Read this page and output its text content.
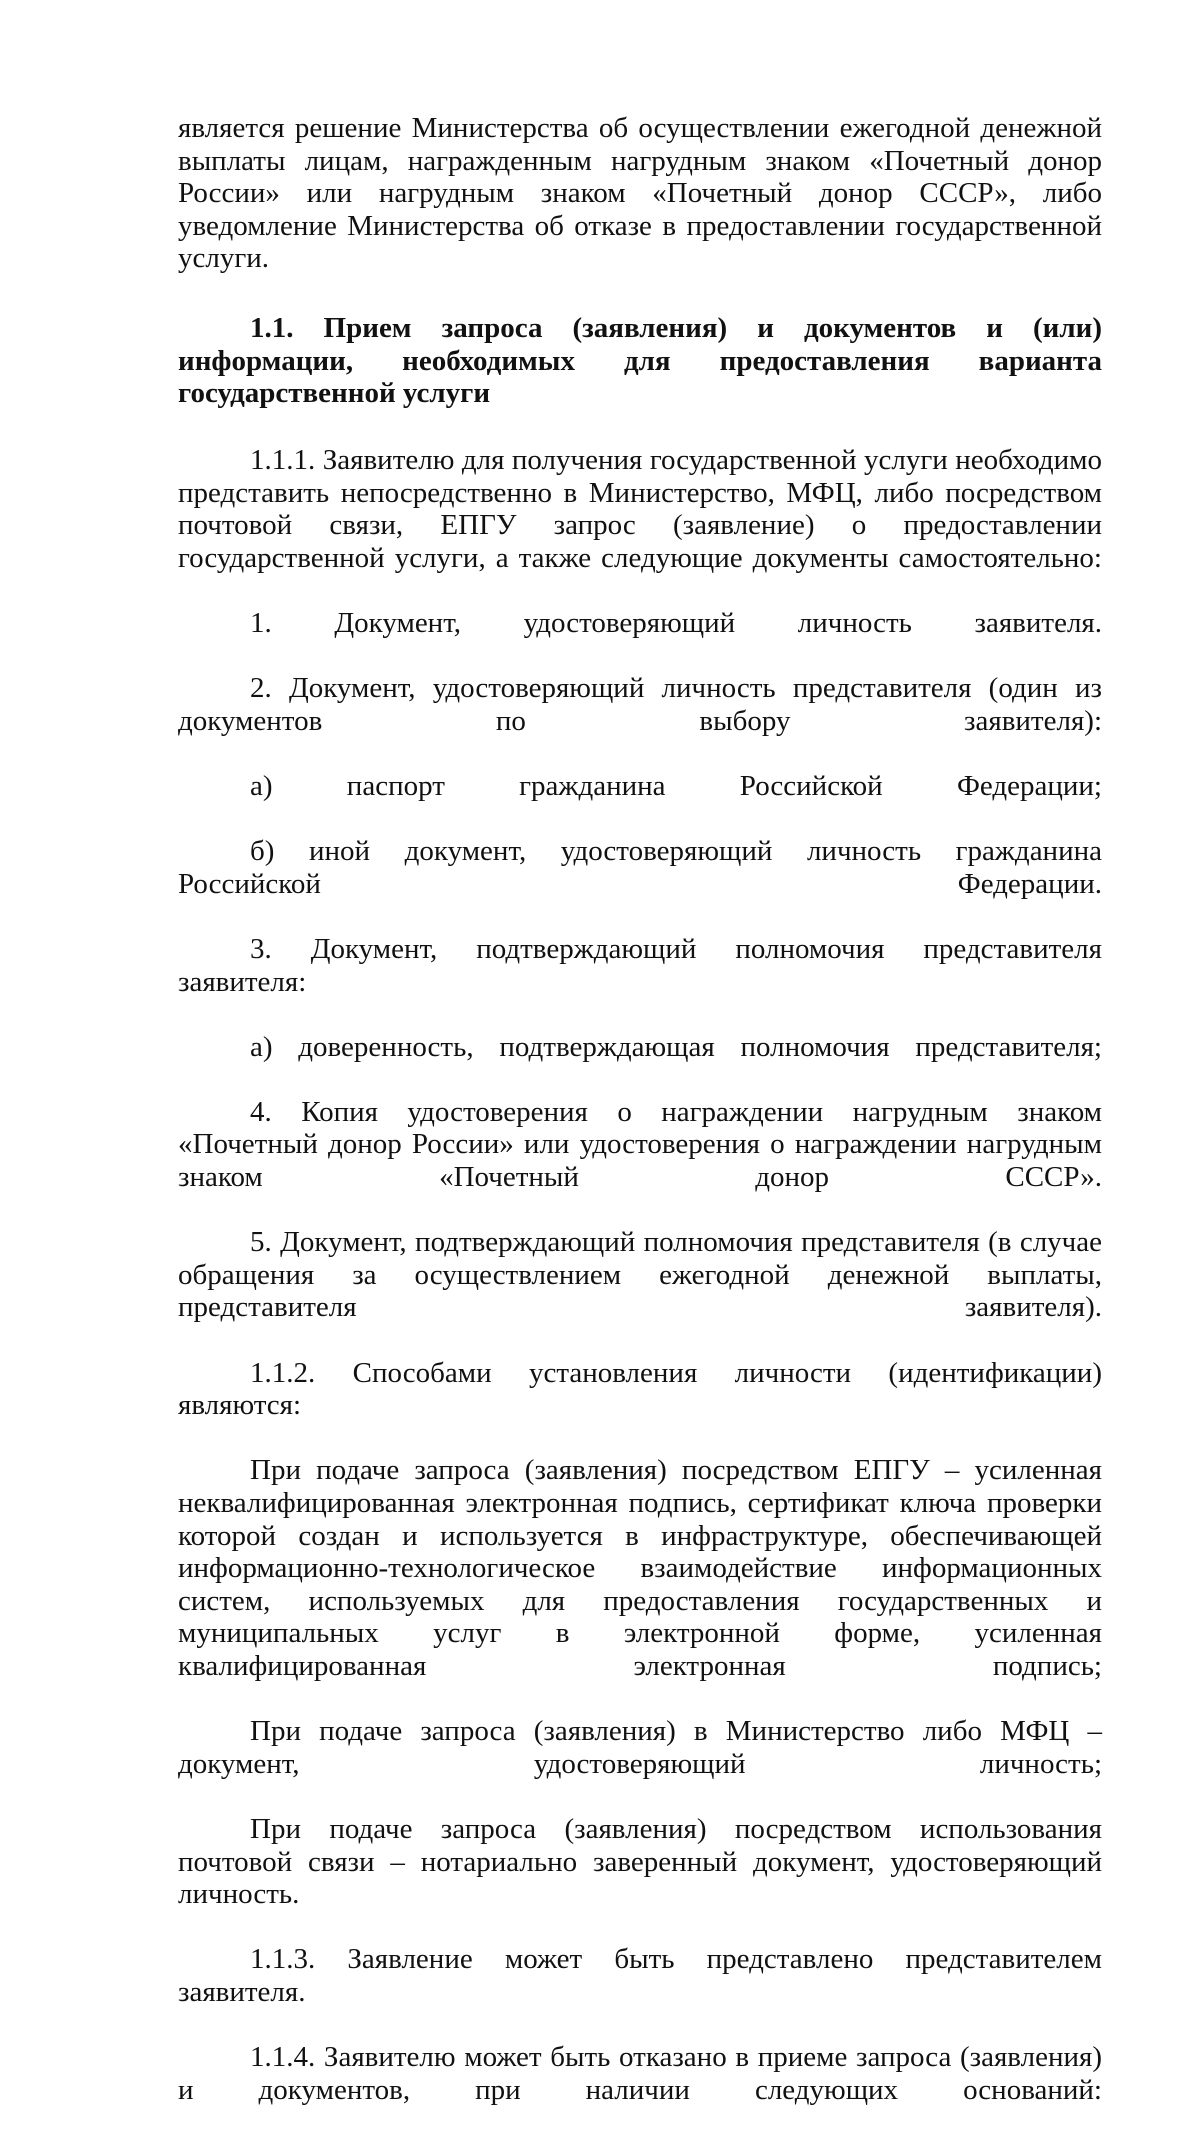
является решение Министерства об осуществлении ежегодной денежной выплаты лицам, награжденным нагрудным знаком «Почетный донор России» или нагрудным знаком «Почетный донор СССР», либо уведомление Министерства об отказе в предоставлении государственной услуги.

1.1. Прием запроса (заявления) и документов и (или) информации, необходимых для предоставления варианта государственной услуги

1.1.1. Заявителю для получения государственной услуги необходимо представить непосредственно в Министерство, МФЦ, либо посредством почтовой связи, ЕПГУ запрос (заявление) о предоставлении государственной услуги, а также следующие документы самостоятельно:

1. Документ, удостоверяющий личность заявителя.

2. Документ, удостоверяющий личность представителя (один из документов по выбору заявителя):

а) паспорт гражданина Российской Федерации;

б) иной документ, удостоверяющий личность гражданина Российской Федерации.

3. Документ, подтверждающий полномочия представителя заявителя:

а) доверенность, подтверждающая полномочия представителя;

4. Копия удостоверения о награждении нагрудным знаком «Почетный донор России» или удостоверения о награждении нагрудным знаком «Почетный донор СССР».

5. Документ, подтверждающий полномочия представителя (в случае обращения за осуществлением ежегодной денежной выплаты, представителя заявителя).

1.1.2. Способами установления личности (идентификации) являются:

При подаче запроса (заявления) посредством ЕПГУ – усиленная неквалифицированная электронная подпись, сертификат ключа проверки которой создан и используется в инфраструктуре, обеспечивающей информационно-технологическое взаимодействие информационных систем, используемых для предоставления государственных и муниципальных услуг в электронной форме, усиленная квалифицированная электронная подпись;

При подаче запроса (заявления) в Министерство либо МФЦ – документ, удостоверяющий личность;

При подаче запроса (заявления) посредством использования почтовой связи – нотариально заверенный документ, удостоверяющий личность.

1.1.3. Заявление может быть представлено представителем заявителя.

1.1.4. Заявителю может быть отказано в приеме запроса (заявления) и документов, при наличии следующих оснований:
